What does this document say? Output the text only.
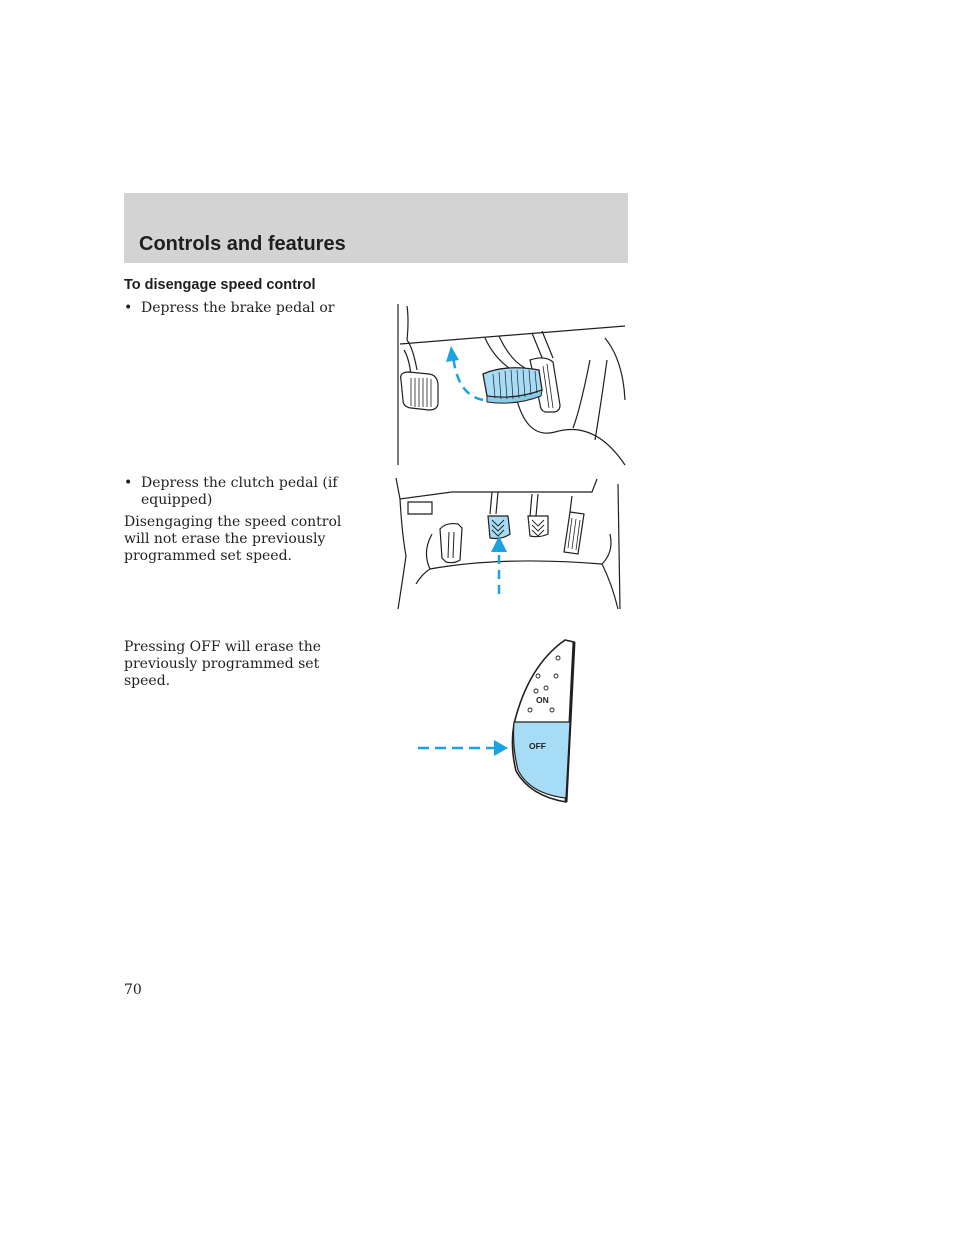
Controls and features
To disengage speed control

• Depress the brake pedal or

• Depress the clutch pedal (if equipped)

Disengaging the speed control will not erase the previously programmed set speed.

Pressing OFF will erase the previously programmed set speed.

ON
OFF

70
